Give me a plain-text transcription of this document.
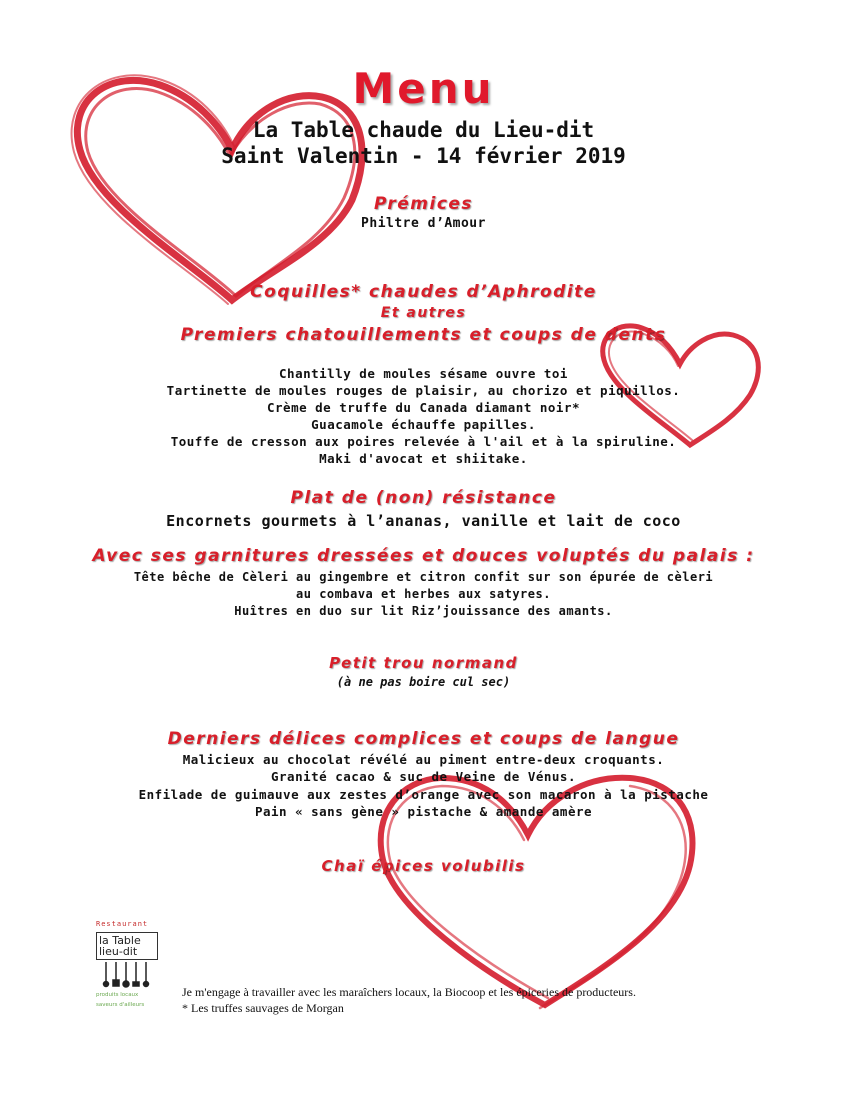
Menu
La Table chaude du Lieu-dit
Saint Valentin - 14 février 2019
Prémices
Philtre d’Amour
Coquilles* chaudes d’Aphrodite
Et autres
Premiers chatouillements et coups de dents
Chantilly de moules sésame ouvre toi
Tartinette de moules rouges de plaisir, au chorizo et piquillos.
Crème de truffe du Canada diamant noir*
Guacamole échauffe papilles.
Touffe de cresson aux poires relevée à l'ail et à la spiruline.
Maki d'avocat et shiitake.
Plat de (non) résistance
Encornets gourmets à l’ananas, vanille et lait de coco
Avec ses garnitures dressées et douces voluptés du palais :
Tête bêche de Cèleri au gingembre et citron confit sur son épurée de cèleri
au combava et herbes aux satyres.
Huîtres en duo sur lit Riz’jouissance des amants.
Petit trou normand
(à ne pas boire cul sec)
Derniers délices complices et coups de langue
Malicieux au chocolat révélé au piment entre-deux croquants.
Granité cacao & suc de Veine de Vénus.
Enfilade de guimauve aux zestes d’orange avec son macaron à la pistache
Pain « sans gène » pistache & amande amère
Chaï épices volubilis
Restaurant
la Table
lieu-dit
produits locaux
saveurs d'ailleurs
Je m'engage à travailler avec les maraîchers locaux, la Biocoop et les épiceries de producteurs.
* Les truffes sauvages de Morgan
